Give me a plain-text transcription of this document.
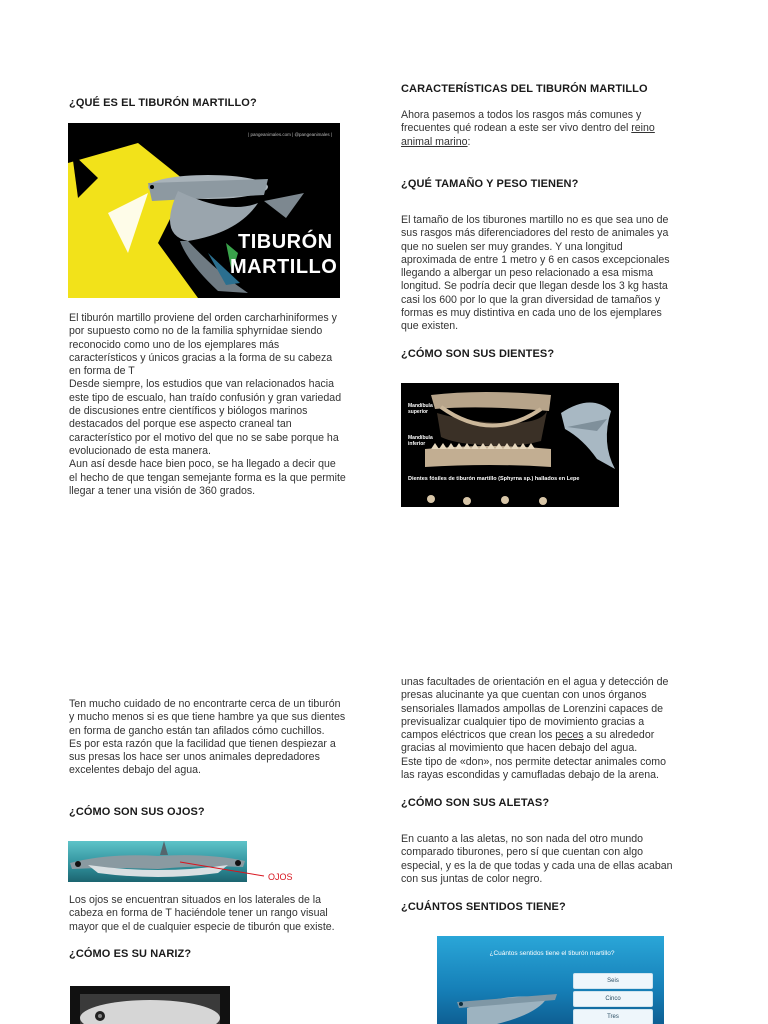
¿QUÉ ES EL TIBURÓN MARTILLO?
| pangeanimales.com | @pangeanimales |
TIBURÓN
MARTILLO
El tiburón martillo proviene del orden carcharhiniformes y
por supuesto como no de la familia sphyrnidae siendo
reconocido como uno de los ejemplares más
característicos y únicos gracias a la forma de su cabeza
en forma de T
Desde siempre, los estudios que van relacionados hacia
este tipo de escualo, han traído confusión y gran variedad
de discusiones entre científicos y biólogos marinos
destacados del porque ese aspecto craneal tan
característico por el motivo del que no se sabe porque ha
evolucionado de esta manera.
Aun así desde hace bien poco, se ha llegado a decir que
el hecho de que tengan semejante forma es la que permite
llegar a tener una visión de 360 grados.
Ten mucho cuidado de no encontrarte cerca de un tiburón
y mucho menos si es que tiene hambre ya que sus dientes
en forma de gancho están tan afilados cómo cuchillos.
Es por esta razón que la facilidad que tienen despiezar a
sus presas los hace ser unos animales depredadores
excelentes debajo del agua.
¿CÓMO SON SUS OJOS?
OJOS
Los ojos se encuentran situados en los laterales de la
cabeza en forma de T haciéndole tener un rango visual
mayor que el de cualquier especie de tiburón que existe.
¿CÓMO ES SU NARIZ?
CARACTERÍSTICAS DEL TIBURÓN MARTILLO
Ahora pasemos a todos los rasgos más comunes y
frecuentes qué rodean a este ser vivo dentro del reino
animal marino:
¿QUÉ TAMAÑO Y PESO TIENEN?
El tamaño de los tiburones martillo no es que sea uno de
sus rasgos más diferenciadores del resto de animales ya
que no suelen ser muy grandes. Y una longitud
aproximada de entre 1 metro y 6 en casos excepcionales
llegando a albergar un peso relacionado a esa misma
longitud. Se podría decir que llegan desde los 3 kg hasta
casi los 600 por lo que la gran diversidad de tamaños y
formas es muy distintiva en cada uno de los ejemplares
que existen.
¿CÓMO SON SUS DIENTES?
Mandíbula superior
Mandíbula inferior
Dientes fósiles de tiburón martillo (Sphyrna sp.) hallados en Lepe
unas facultades de orientación en el agua y detección de
presas alucinante ya que cuentan con unos órganos
sensoriales llamados ampollas de Lorenzini capaces de
previsualizar cualquier tipo de movimiento gracias a
campos eléctricos que crean los peces a su alrededor
gracias al movimiento que hacen debajo del agua.
Este tipo de «don», nos permite detectar animales como
las rayas escondidas y camufladas debajo de la arena.
¿CÓMO SON SUS ALETAS?
En cuanto a las aletas, no son nada del otro mundo
comparado tiburones, pero sí que cuentan con algo
especial, y es la de que todas y cada una de ellas acaban
con sus juntas de color negro.
¿CUÁNTOS SENTIDOS TIENE?
¿Cuántos sentidos tiene el tiburón martillo?
Seis
Cinco
Tres
